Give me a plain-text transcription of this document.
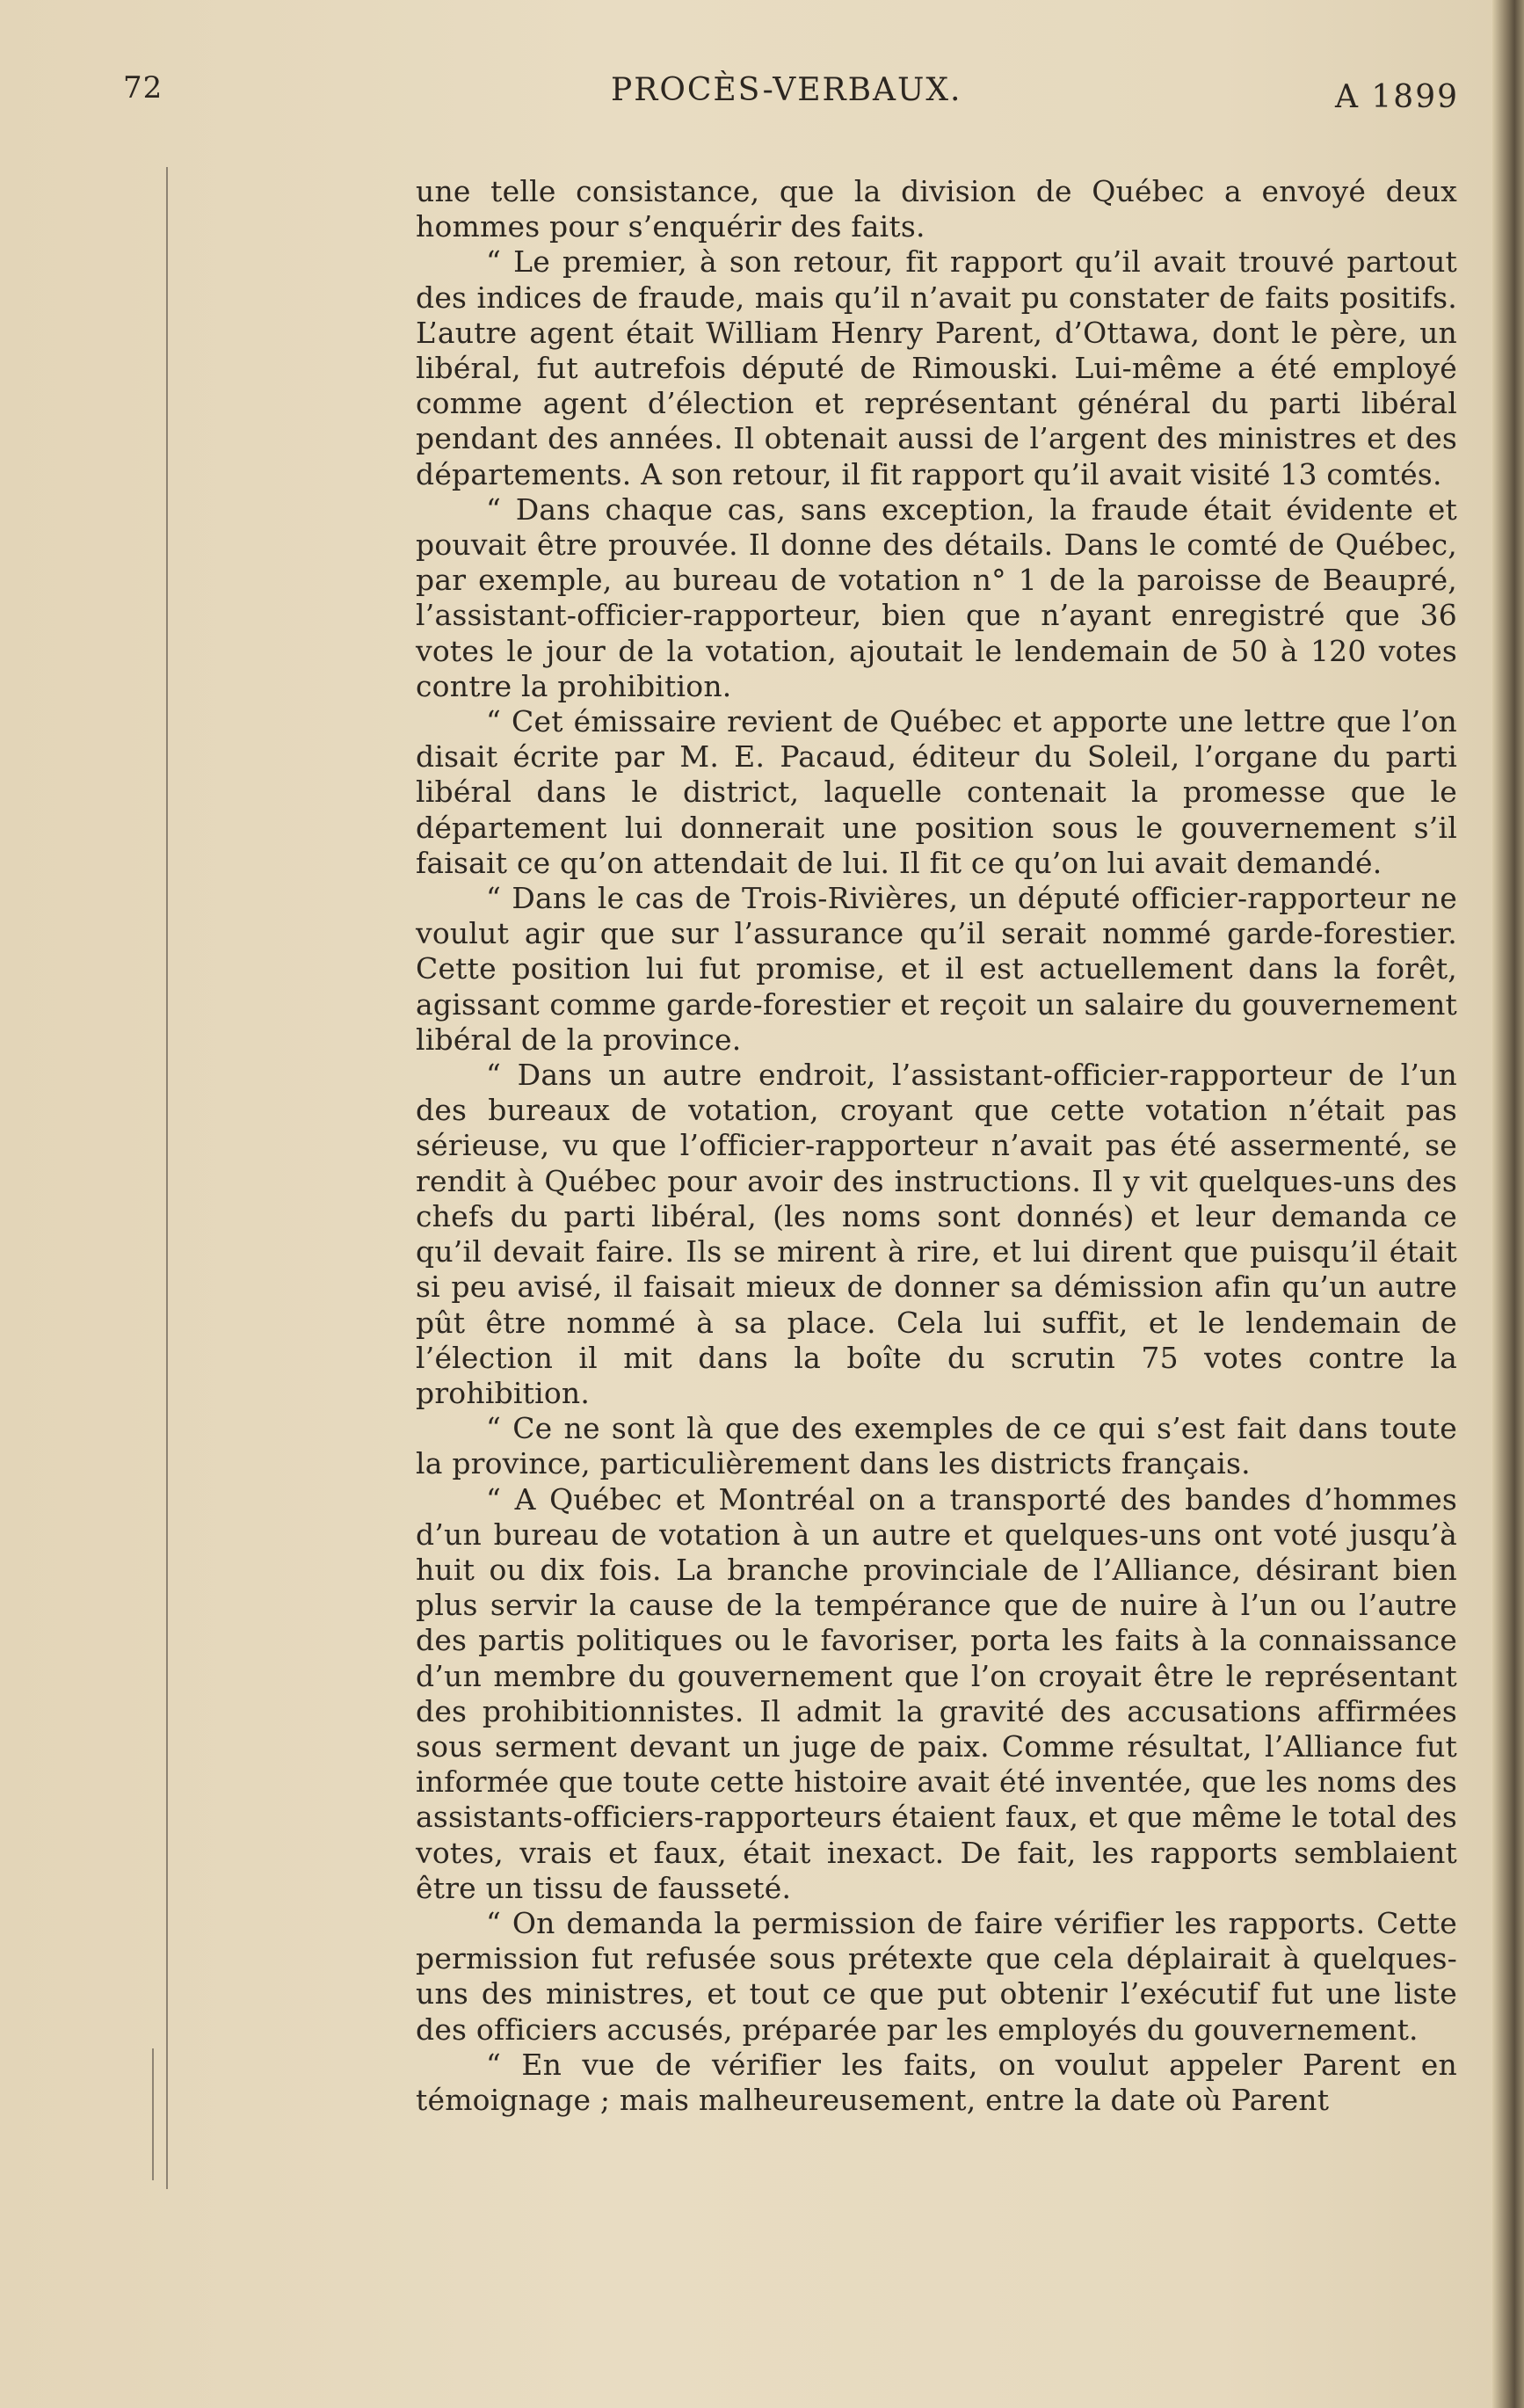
72	PROCÈS-VERBAUX.	A 1899

une telle consistance, que la division de Québec a envoyé deux hommes pour s’enquérir des faits.

“ Le premier, à son retour, fit rapport qu’il avait trouvé partout des indices de fraude, mais qu’il n’avait pu constater de faits positifs. L’autre agent était William Henry Parent, d’Ottawa, dont le père, un libéral, fut autrefois député de Rimouski. Lui-même a été employé comme agent d’élection et représentant général du parti libéral pendant des années. Il obtenait aussi de l’argent des ministres et des départements. A son retour, il fit rapport qu’il avait visité 13 comtés.

“ Dans chaque cas, sans exception, la fraude était évidente et pouvait être prouvée. Il donne des détails. Dans le comté de Québec, par exemple, au bureau de votation n° 1 de la paroisse de Beaupré, l’assistant-officier-rapporteur, bien que n’ayant enregistré que 36 votes le jour de la votation, ajoutait le lendemain de 50 à 120 votes contre la prohibition.

“ Cet émissaire revient de Québec et apporte une lettre que l’on disait écrite par M. E. Pacaud, éditeur du Soleil, l’organe du parti libéral dans le district, laquelle contenait la promesse que le département lui donnerait une position sous le gouvernement s’il faisait ce qu’on attendait de lui. Il fit ce qu’on lui avait demandé.

“ Dans le cas de Trois-Rivières, un député officier-rapporteur ne voulut agir que sur l’assurance qu’il serait nommé garde-forestier. Cette position lui fut promise, et il est actuellement dans la forêt, agissant comme garde-forestier et reçoit un salaire du gouvernement libéral de la province.

“ Dans un autre endroit, l’assistant-officier-rapporteur de l’un des bureaux de votation, croyant que cette votation n’était pas sérieuse, vu que l’officier-rapporteur n’avait pas été assermenté, se rendit à Québec pour avoir des instructions. Il y vit quelques-uns des chefs du parti libéral, (les noms sont donnés) et leur demanda ce qu’il devait faire. Ils se mirent à rire, et lui dirent que puisqu’il était si peu avisé, il faisait mieux de donner sa démission afin qu’un autre pût être nommé à sa place. Cela lui suffit, et le lendemain de l’élection il mit dans la boîte du scrutin 75 votes contre la prohibition.

“ Ce ne sont là que des exemples de ce qui s’est fait dans toute la province, particulièrement dans les districts français.

“ A Québec et Montréal on a transporté des bandes d’hommes d’un bureau de votation à un autre et quelques-uns ont voté jusqu’à huit ou dix fois. La branche provinciale de l’Alliance, désirant bien plus servir la cause de la tempérance que de nuire à l’un ou l’autre des partis politiques ou le favoriser, porta les faits à la connaissance d’un membre du gouvernement que l’on croyait être le représentant des prohibitionnistes. Il admit la gravité des accusations affirmées sous serment devant un juge de paix. Comme résultat, l’Alliance fut informée que toute cette histoire avait été inventée, que les noms des assistants-officiers-rapporteurs étaient faux, et que même le total des votes, vrais et faux, était inexact. De fait, les rapports semblaient être un tissu de fausseté.

“ On demanda la permission de faire vérifier les rapports. Cette permission fut refusée sous prétexte que cela déplairait à quelques-uns des ministres, et tout ce que put obtenir l’exécutif fut une liste des officiers accusés, préparée par les employés du gouvernement.

“ En vue de vérifier les faits, on voulut appeler Parent en témoignage ; mais malheureusement, entre la date où Parent
